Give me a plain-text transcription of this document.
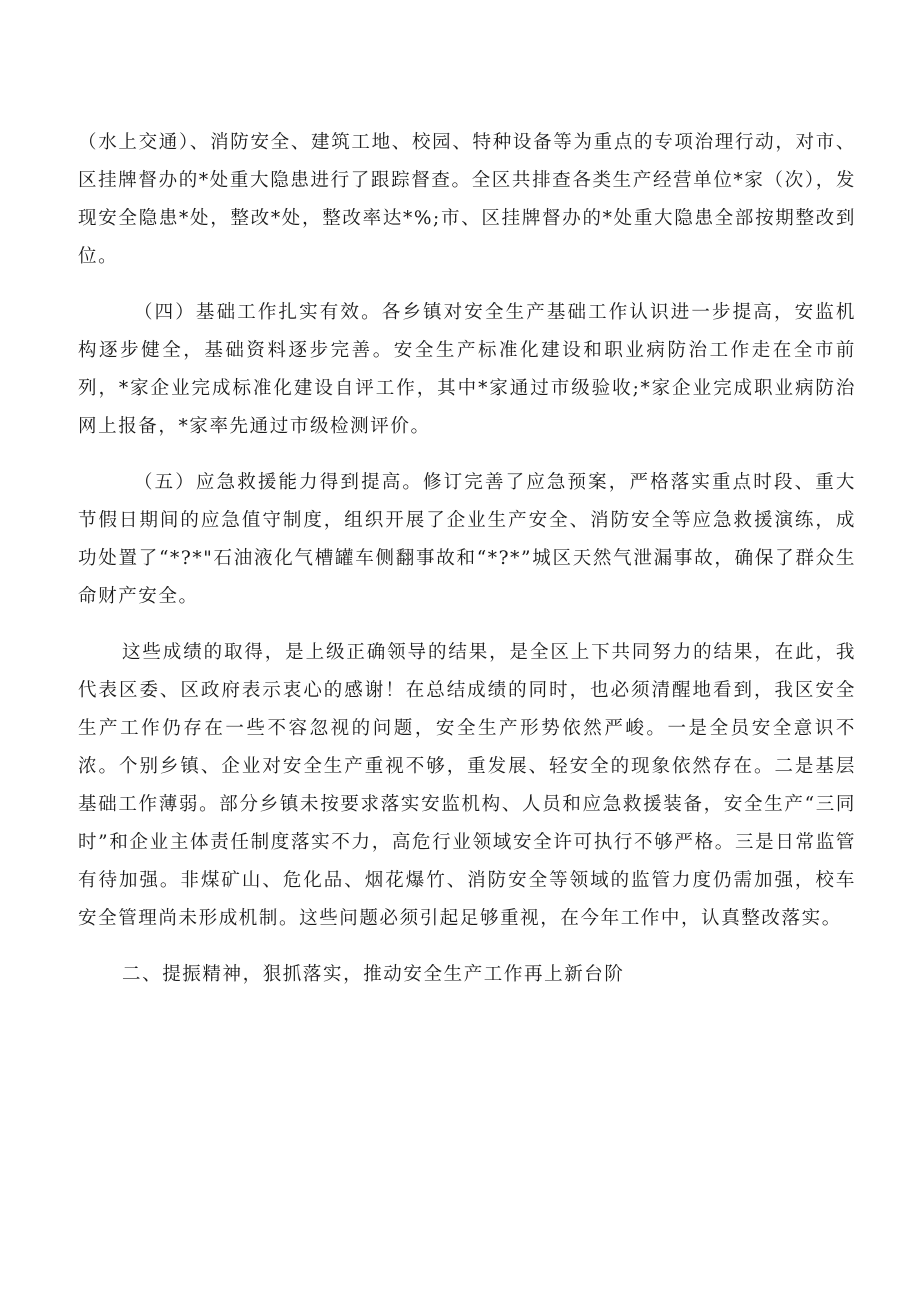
（水上交通）、消防安全、建筑工地、校园、特种设备等为重点的专项治理行动，对市、区挂牌督办的*处重大隐患进行了跟踪督查。全区共排查各类生产经营单位*家（次），发现安全隐患*处，整改*处，整改率达*%;市、区挂牌督办的*处重大隐患全部按期整改到位。

（四）基础工作扎实有效。各乡镇对安全生产基础工作认识进一步提高，安监机构逐步健全，基础资料逐步完善。安全生产标准化建设和职业病防治工作走在全市前列，*家企业完成标准化建设自评工作，其中*家通过市级验收;*家企业完成职业病防治网上报备，*家率先通过市级检测评价。

（五）应急救援能力得到提高。修订完善了应急预案，严格落实重点时段、重大节假日期间的应急值守制度，组织开展了企业生产安全、消防安全等应急救援演练，成功处置了“*?*"石油液化气槽罐车侧翻事故和“*?*”城区天然气泄漏事故，确保了群众生命财产安全。

这些成绩的取得，是上级正确领导的结果，是全区上下共同努力的结果，在此，我代表区委、区政府表示衷心的感谢！在总结成绩的同时，也必须清醒地看到，我区安全生产工作仍存在一些不容忽视的问题，安全生产形势依然严峻。一是全员安全意识不浓。个别乡镇、企业对安全生产重视不够，重发展、轻安全的现象依然存在。二是基层基础工作薄弱。部分乡镇未按要求落实安监机构、人员和应急救援装备，安全生产“三同时”和企业主体责任制度落实不力，高危行业领域安全许可执行不够严格。三是日常监管有待加强。非煤矿山、危化品、烟花爆竹、消防安全等领域的监管力度仍需加强，校车安全管理尚未形成机制。这些问题必须引起足够重视，在今年工作中，认真整改落实。

二、提振精神，狠抓落实，推动安全生产工作再上新台阶
